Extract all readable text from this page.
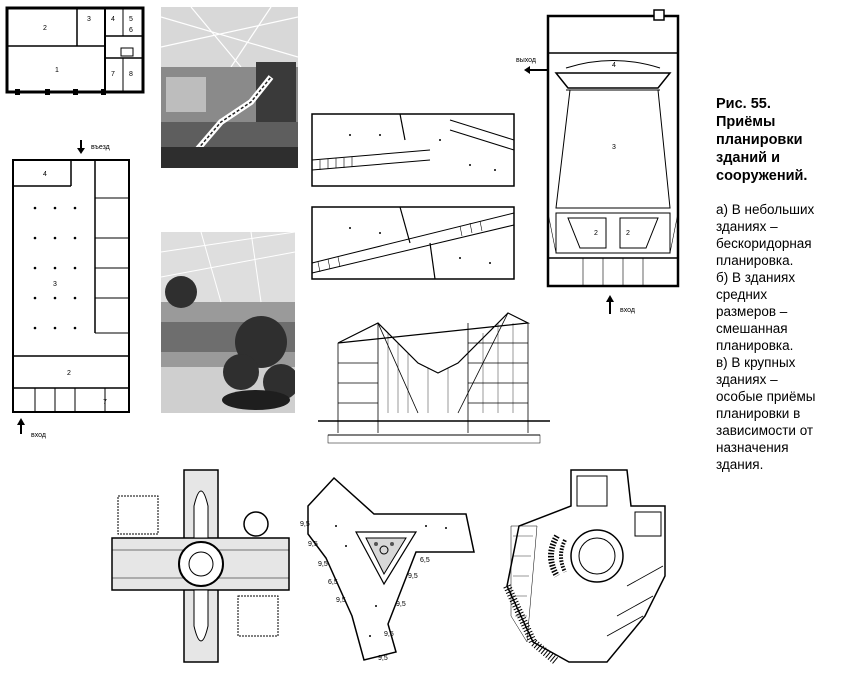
2
3	4 5
6
1
7 8
въезд
4
3
2
7
вход
выход
4
3
2	2
вход
Рис. 55.
Приёмы
планировки
зданий и
сооружений.

а) В небольших

зданиях –

бескоридорная

планировка.

б) В зданиях

средних

размеров –

смешанная

планировка.

в) В крупных

зданиях –

особые приёмы

планировки в

зависимости от

назначения

здания.

9,5
9,5
9,5
6,5
9,5
9,5
6,5
9,5
9,5
9,5
